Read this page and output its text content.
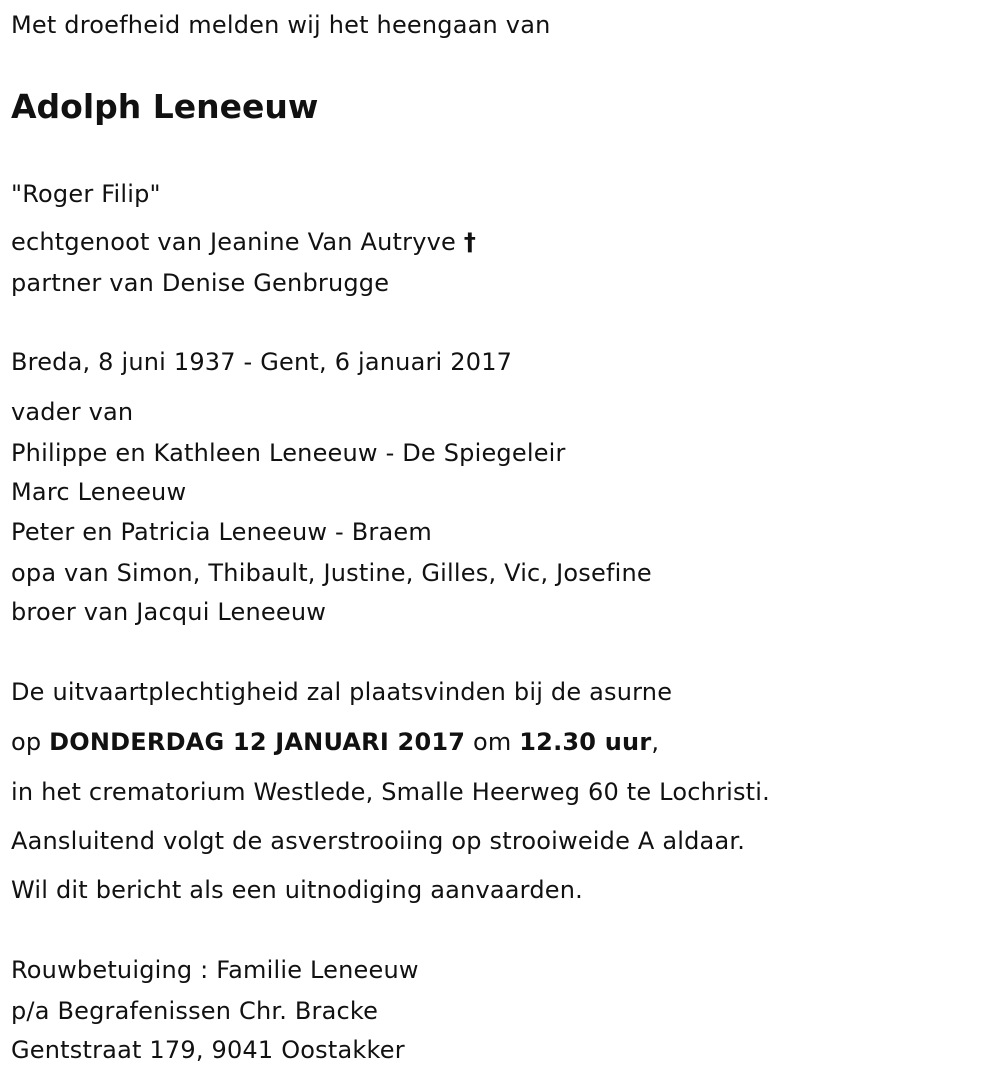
Met droefheid melden wij het heengaan van
Adolph Leneeuw
"Roger Filip"
echtgenoot van Jeanine Van Autryve †
partner van Denise Genbrugge
Breda, 8 juni 1937 - Gent, 6 januari 2017
vader van
Philippe en Kathleen Leneeuw - De Spiegeleir
Marc Leneeuw
Peter en Patricia Leneeuw - Braem
opa van Simon, Thibault, Justine, Gilles, Vic, Josefine
broer van Jacqui Leneeuw
De uitvaartplechtigheid zal plaatsvinden bij de asurne
op DONDERDAG 12 JANUARI 2017 om 12.30 uur,
in het crematorium Westlede, Smalle Heerweg 60 te Lochristi.
Aansluitend volgt de asverstrooiing op strooiweide A aldaar.
Wil dit bericht als een uitnodiging aanvaarden.
Rouwbetuiging : Familie Leneeuw
p/a Begrafenissen Chr. Bracke
Gentstraat 179, 9041 Oostakker
